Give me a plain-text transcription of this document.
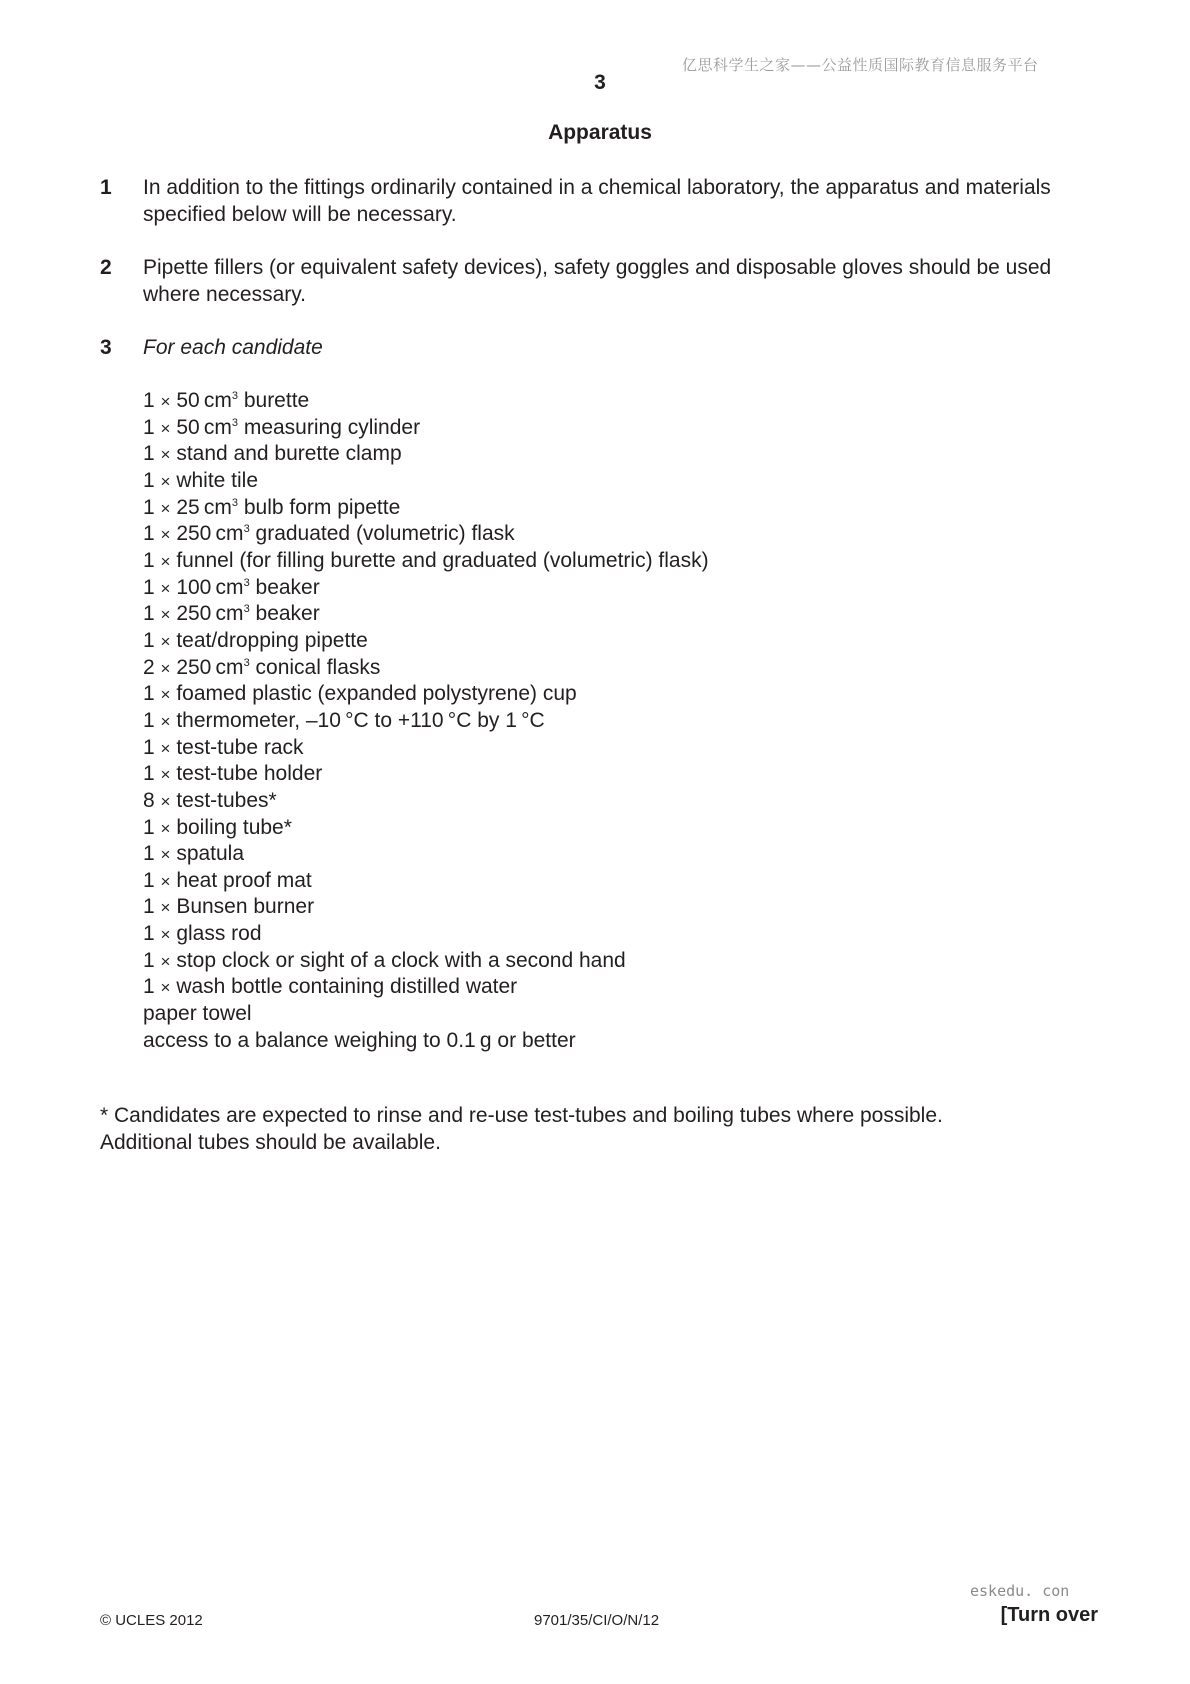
亿思科学生之家——公益性质国际教育信息服务平台
3
Apparatus
1 In addition to the fittings ordinarily contained in a chemical laboratory, the apparatus and materials specified below will be necessary.
2 Pipette fillers (or equivalent safety devices), safety goggles and disposable gloves should be used where necessary.
3 For each candidate
1 × 50 $cm^3$ burette
1 × 50 $cm^3$ measuring cylinder
1 × stand and burette clamp
1 × white tile
1 × 25 $cm^3$ bulb form pipette
1 × 250 $cm^3$ graduated (volumetric) flask
1 × funnel (for filling burette and graduated (volumetric) flask)
1 × 100 $cm^3$ beaker
1 × 250 $cm^3$ beaker
1 × teat/dropping pipette
2 × 250 $cm^3$ conical flasks
1 × foamed plastic (expanded polystyrene) cup
1 × thermometer, –10 °C to +110 °C by 1 °C
1 × test-tube rack
1 × test-tube holder
8 × test-tubes*
1 × boiling tube*
1 × spatula
1 × heat proof mat
1 × Bunsen burner
1 × glass rod
1 × stop clock or sight of a clock with a second hand
1 × wash bottle containing distilled water
paper towel
access to a balance weighing to 0.1 g or better
* Candidates are expected to rinse and re-use test-tubes and boiling tubes where possible.
Additional tubes should be available.
eskedu. con
© UCLES 2012	9701/35/CI/O/N/12	[Turn over
